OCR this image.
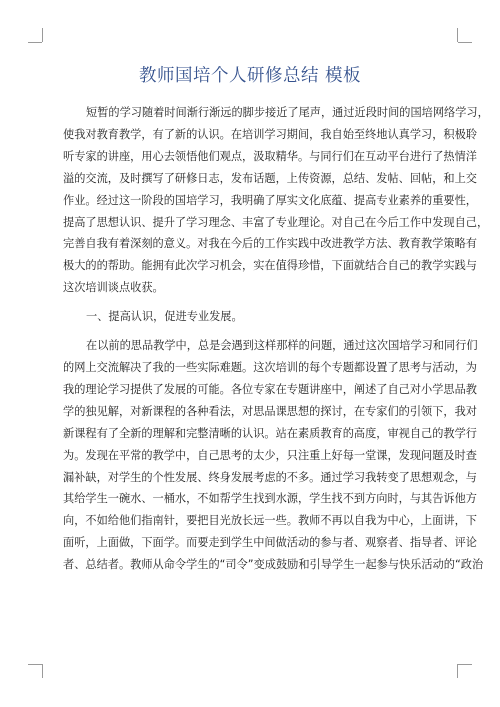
教师国培个人研修总结 模板
短暂的学习随着时间渐行渐远的脚步接近了尾声，通过近段时间的国培网络学习，
使我对教育教学，有了新的认识。在培训学习期间，我自始至终地认真学习，积极聆
听专家的讲座，用心去领悟他们观点，汲取精华。与同行们在互动平台进行了热情洋
溢的交流，及时撰写了研修日志，发布话题，上传资源，总结、发帖、回帖，和上交
作业。经过这一阶段的国培学习，我明确了厚实文化底蕴、提高专业素养的重要性，
提高了思想认识、提升了学习理念、丰富了专业理论。对自己在今后工作中发现自己，
完善自我有着深刻的意义。对我在今后的工作实践中改进教学方法、教育教学策略有
极大的的帮助。能拥有此次学习机会，实在值得珍惜，下面就结合自己的教学实践与
这次培训谈点收获。
一、提高认识，促进专业发展。
在以前的思品教学中，总是会遇到这样那样的问题，通过这次国培学习和同行们
的网上交流解决了我的一些实际难题。这次培训的每个专题都设置了思考与活动，为
我的理论学习提供了发展的可能。各位专家在专题讲座中，阐述了自己对小学思品教
学的独见解，对新课程的各种看法，对思品课思想的探讨，在专家们的引领下，我对
新课程有了全新的理解和完整清晰的认识。站在素质教育的高度，审视自己的教学行
为。发现在平常的教学中，自己思考的太少，只注重上好每一堂课，发现问题及时查
漏补缺，对学生的个性发展、终身发展考虑的不多。通过学习我转变了思想观念，与
其给学生一碗水、一桶水，不如帮学生找到水源，学生找不到方向时，与其告诉他方
向，不如给他们指南针，要把目光放长远一些。教师不再以自我为中心，上面讲，下
面听，上面做，下面学。而要走到学生中间做活动的参与者、观察者、指导者、评论
者、总结者。教师从命令学生的“司令”变成鼓励和引导学生一起参与快乐活动的“政治
